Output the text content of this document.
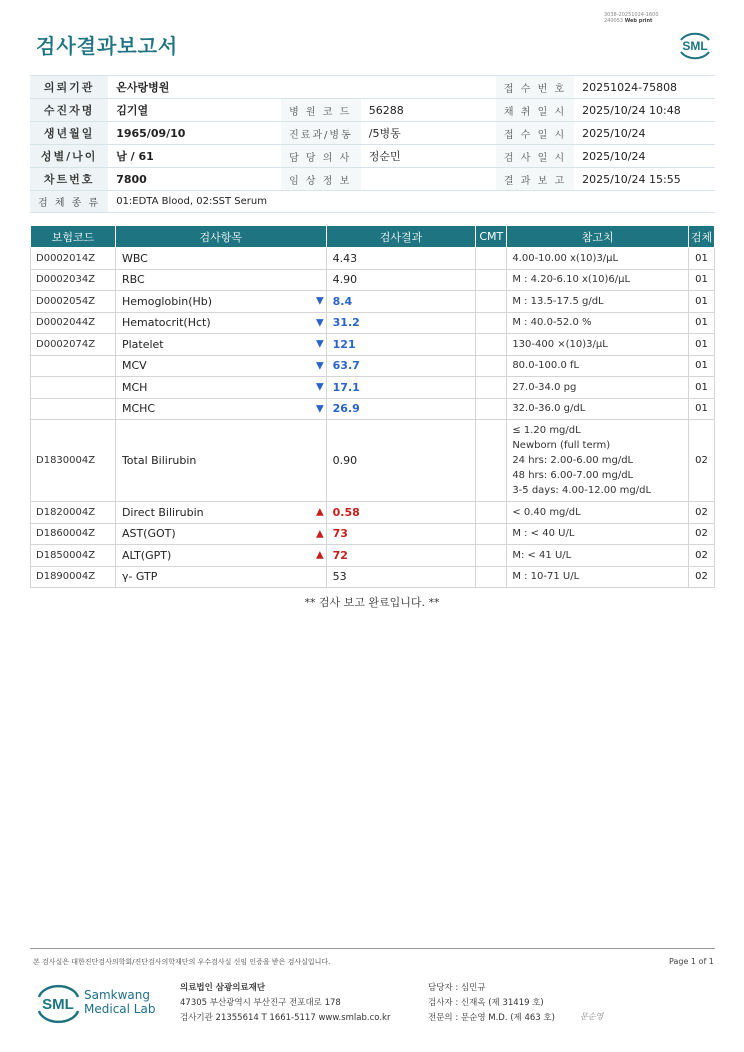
3038-20251024-1600
240053 Web print
검사결과보고서	SML
의뢰기관	온사랑병원			접 수 번 호	20251024-75808
수진자명	김기열	병 원 코 드	56288	채 취 일 시	2025/10/24 10:48
생년월일	1965/09/10	진료과/병동	/5병동	접 수 일 시	2025/10/24
성별/나이	남 / 61	담 당 의 사	정순민	검 사 일 시	2025/10/24
차트번호	7800	임 상 정 보		결 과 보 고	2025/10/24 15:55
검 체 종 류	01:EDTA Blood, 02:SST Serum				
보험코드	검사항목	검사결과	CMT	참고치	검체
D0002014Z	WBC	4.43		4.00-10.00 x(10)3/μL	01
D0002034Z	RBC	4.90		M : 4.20-6.10 x(10)6/μL	01
D0002054Z	Hemoglobin(Hb) ▼	8.4		M : 13.5-17.5 g/dL	01
D0002044Z	Hematocrit(Hct) ▼	31.2		M : 40.0-52.0 %	01
D0002074Z	Platelet ▼	121		130-400 ×(10)3/μL	01
	MCV ▼	63.7		80.0-100.0 fL	01
	MCH ▼	17.1		27.0-34.0 pg	01
	MCHC ▼	26.9		32.0-36.0 g/dL	01
D1830004Z	Total Bilirubin	0.90		≤ 1.20 mg/dL
Newborn (full term)
24 hrs: 2.00-6.00 mg/dL
48 hrs: 6.00-7.00 mg/dL
3-5 days: 4.00-12.00 mg/dL	02
D1820004Z	Direct Bilirubin ▲	0.58		< 0.40 mg/dL	02
D1860004Z	AST(GOT) ▲	73		M : < 40 U/L	02
D1850004Z	ALT(GPT) ▲	72		M: < 41 U/L	02
D1890004Z	γ- GTP	53		M : 10-71 U/L	02
** 검사 보고 완료입니다. **
본 검사실은 대한진단검사의학회/진단검사의학재단의 우수검사실 신임 인증을 받은 검사실입니다.	Page 1 of 1
SML
Samkwang
Medical Lab
의료법인 삼광의료재단
47305 부산광역시 부산진구 전포대로 178
검사기관 21355614 T 1661-5117 www.smlab.co.kr
담당자 : 심민규
검사자 : 신재옥 (제 31419 호)
전문의 : 문순영 M.D. (제 463 호)	문순영
